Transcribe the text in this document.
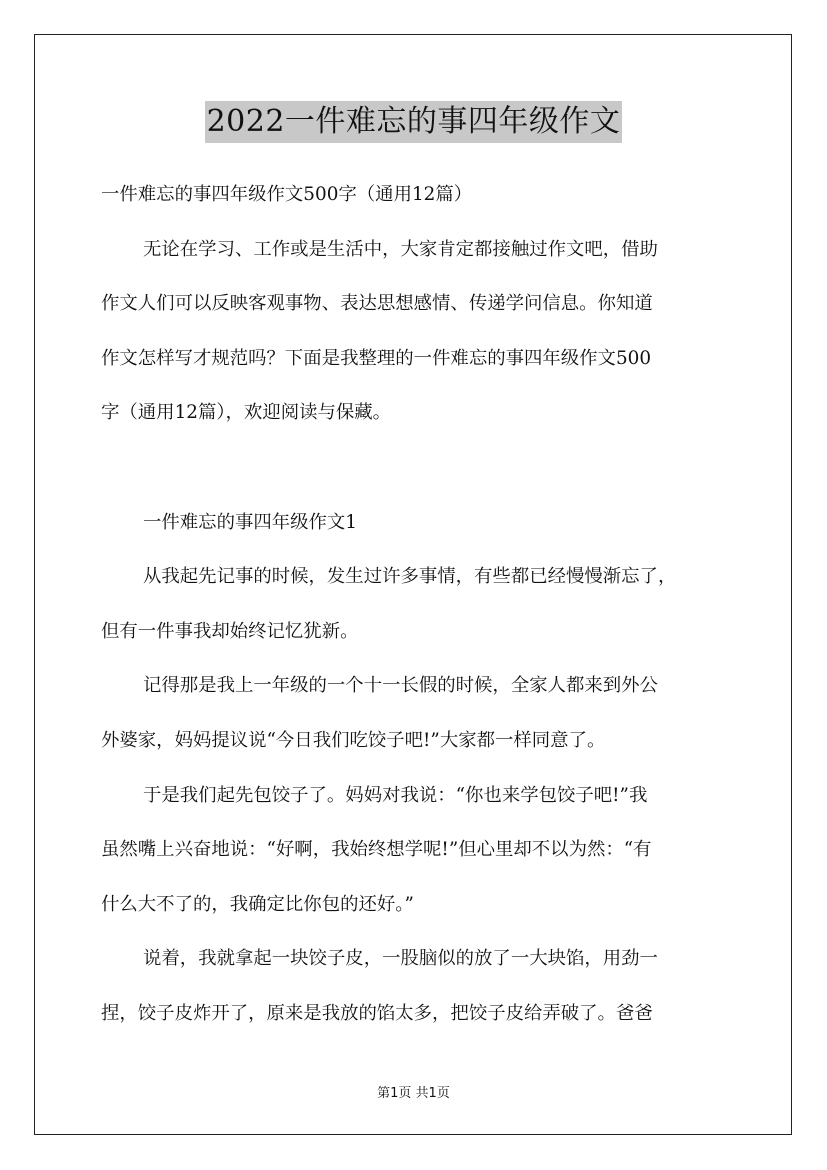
2022一件难忘的事四年级作文

一件难忘的事四年级作文500字（通用12篇）

无论在学习、工作或是生活中，大家肯定都接触过作文吧，借助
作文人们可以反映客观事物、表达思想感情、传递学问信息。你知道
作文怎样写才规范吗？下面是我整理的一件难忘的事四年级作文500
字（通用12篇），欢迎阅读与保藏。

一件难忘的事四年级作文1

从我起先记事的时候，发生过许多事情，有些都已经慢慢渐忘了，
但有一件事我却始终记忆犹新。

记得那是我上一年级的一个十一长假的时候，全家人都来到外公
外婆家，妈妈提议说“今日我们吃饺子吧!”大家都一样同意了。

于是我们起先包饺子了。妈妈对我说：“你也来学包饺子吧!”我
虽然嘴上兴奋地说：“好啊，我始终想学呢!”但心里却不以为然：“有
什么大不了的，我确定比你包的还好。”

说着，我就拿起一块饺子皮，一股脑似的放了一大块馅，用劲一
捏，饺子皮炸开了，原来是我放的馅太多，把饺子皮给弄破了。爸爸

第1页 共1页
